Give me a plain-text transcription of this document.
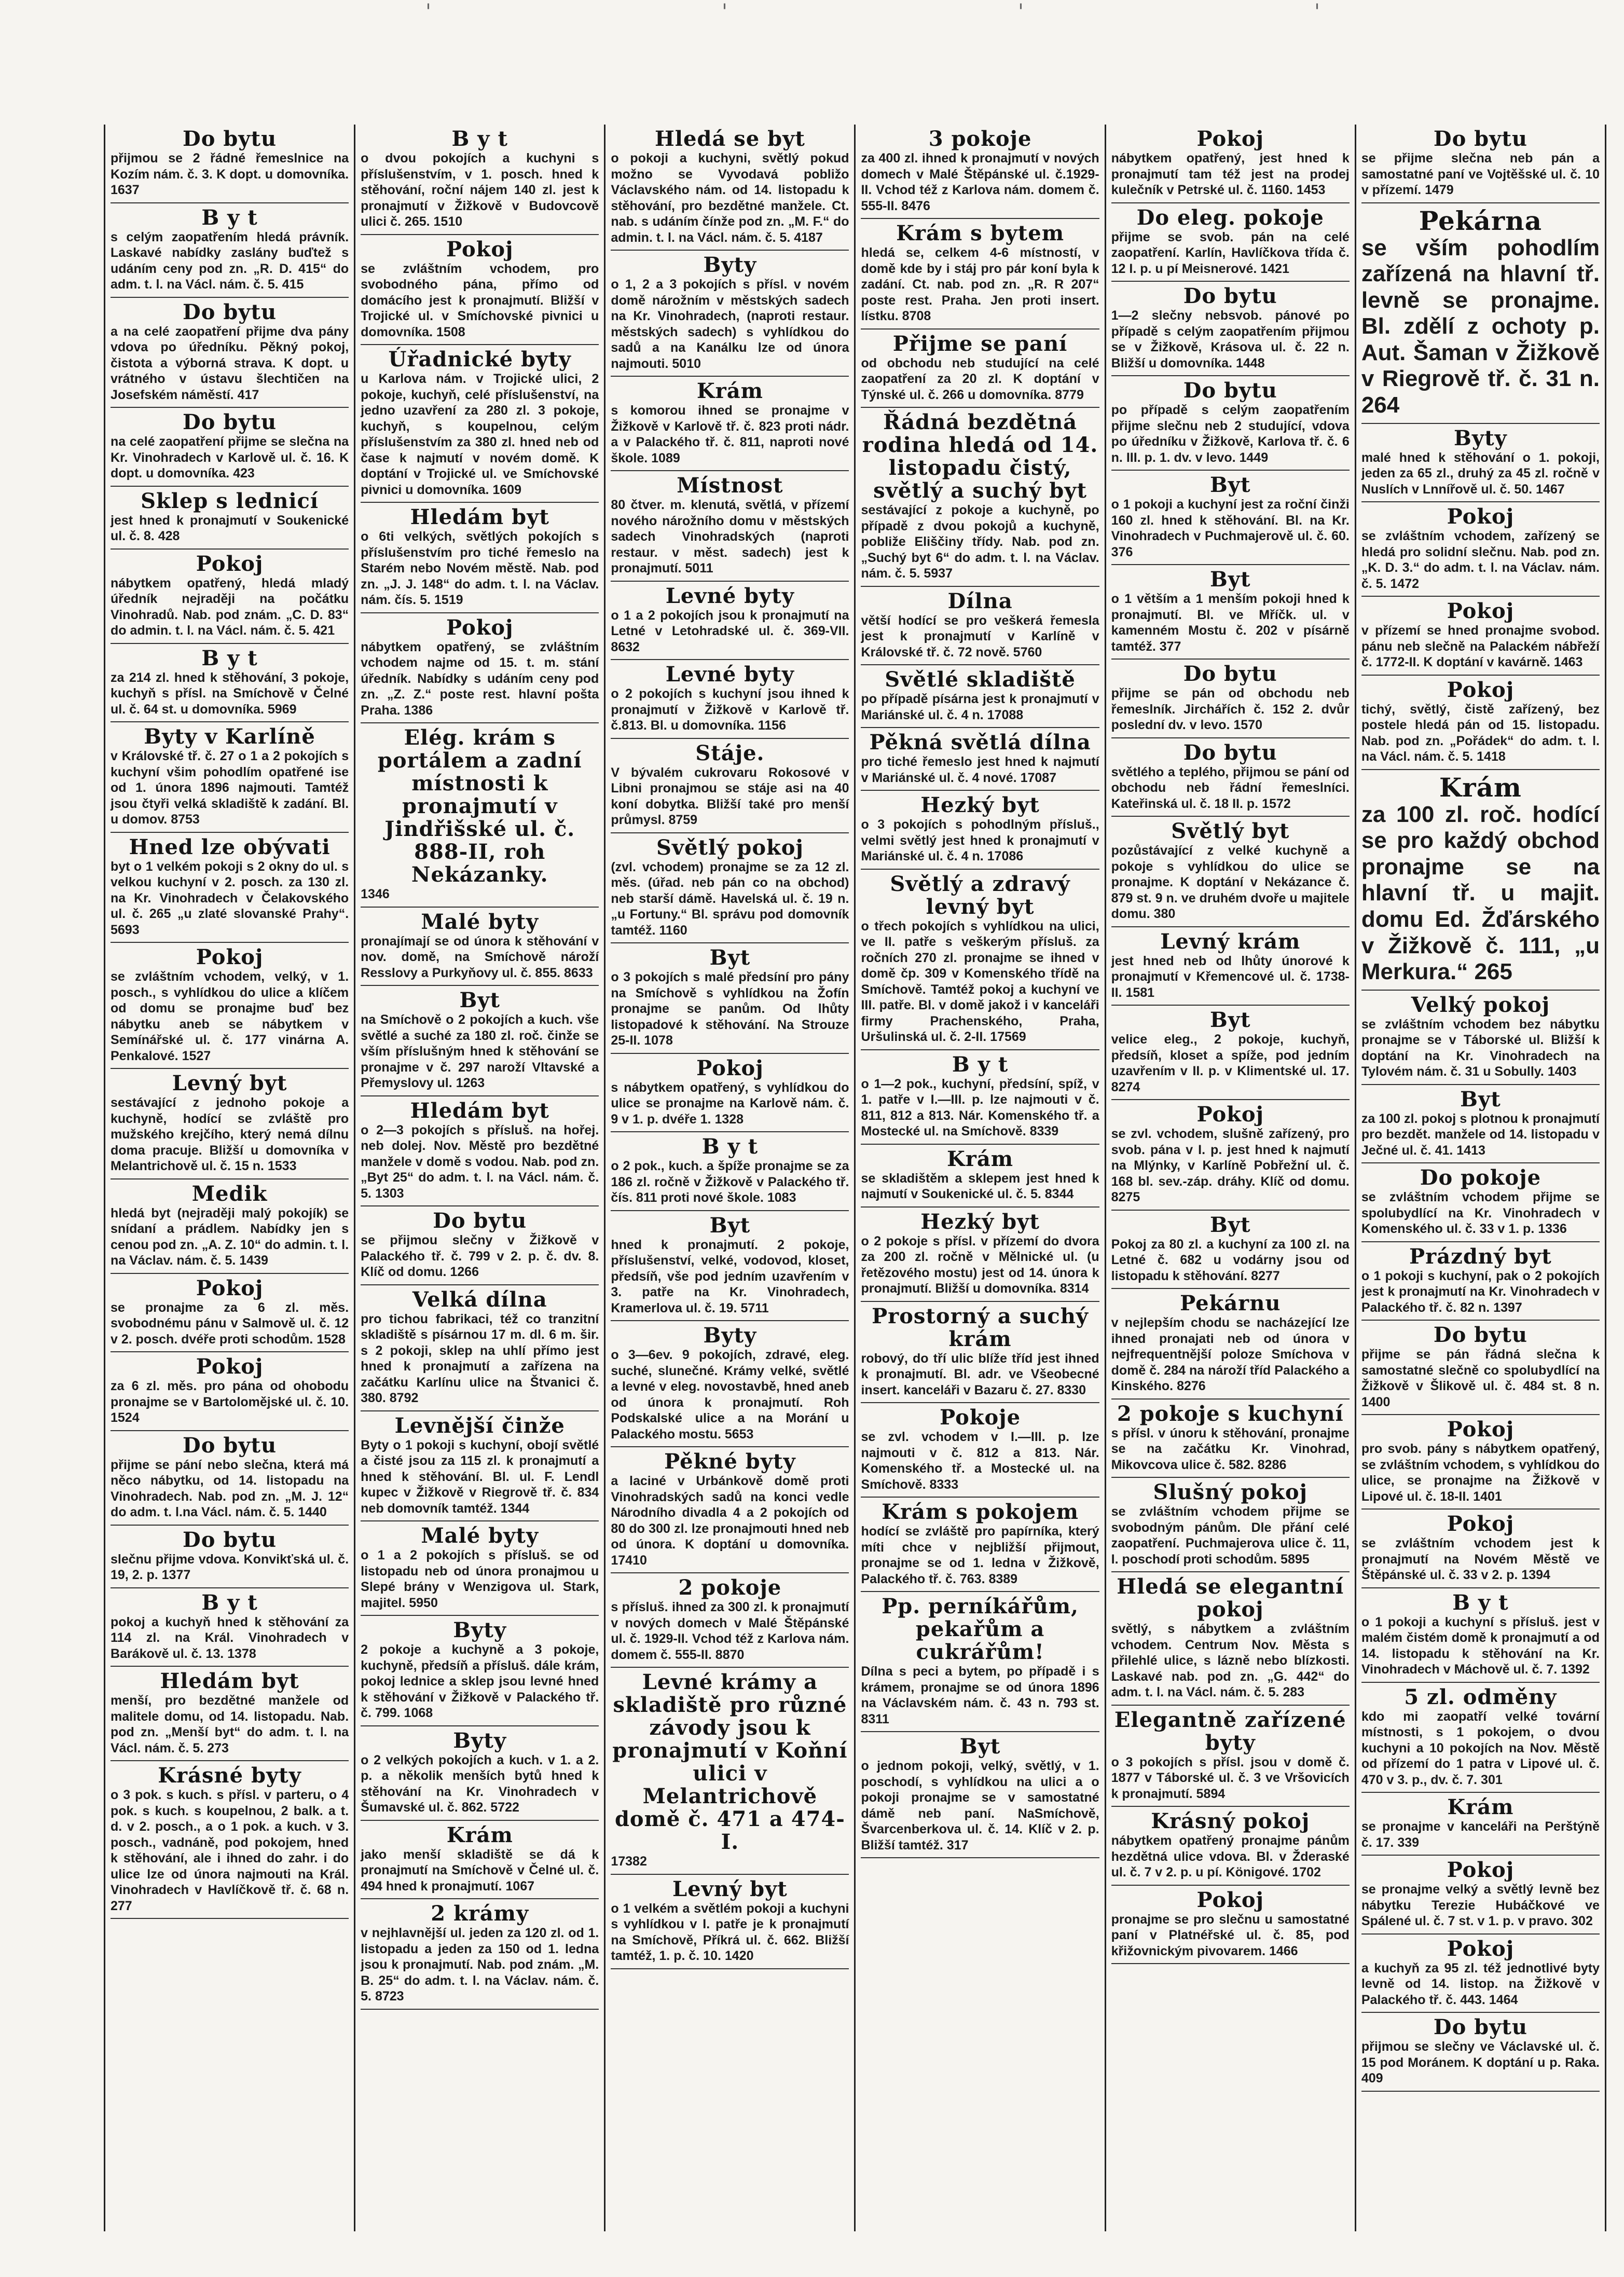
'	'	'	'
Do bytu
přijmou se 2 řádné řemeslnice na Kozím nám. č. 3. K dopt. u domovníka. 1637
B y t
s celým zaopatřením hledá právník. Laskavé nabídky zaslány buďtež s udáním ceny pod zn. „R. D. 415“ do adm. t. l. na Václ. nám. č. 5. 415
Do bytu
a na celé zaopatření přijme dva pány vdova po úředníku. Pěkný pokoj, čistota a výborná strava. K dopt. u vrátného v ústavu šlechtičen na Josefském náměstí. 417
Do bytu
na celé zaopatření přijme se slečna na Kr. Vinohradech v Karlově ul. č. 16. K dopt. u domovníka. 423
Sklep s lednicí
jest hned k pronajmutí v Soukenické ul. č. 8. 428
Pokoj
nábytkem opatřený, hledá mladý úředník nejraději na počátku Vinohradů. Nab. pod znám. „C. D. 83“ do admin. t. l. na Václ. nám. č. 5. 421
B y t
za 214 zl. hned k stěhování, 3 pokoje, kuchyň s přísl. na Smíchově v Čelné ul. č. 64 st. u domovníka. 5969
Byty v Karlíně
v Královské tř. č. 27 o 1 a 2 pokojích s kuchyní všim pohodlím opatřené ise od 1. února 1896 najmouti. Tamtéž jsou čtyři velká skladiště k zadání. Bl. u domov. 8753
Hned lze obývati
byt o 1 velkém pokoji s 2 okny do ul. s velkou kuchyní v 2. posch. za 130 zl. na Kr. Vinohradech v Čelakovského ul. č. 265 „u zlaté slovanské Prahy“. 5693
Pokoj
se zvláštním vchodem, velký, v 1. posch., s vyhlídkou do ulice a klíčem od domu se pronajme buď bez nábytku aneb se nábytkem v Semínářské ul. č. 177 vinárna A. Penkalové. 1527
Levný byt
sestávající z jednoho pokoje a kuchyně, hodící se zvláště pro mužského krejčího, který nemá dílnu doma pracuje. Bližší u domovníka v Melantrichově ul. č. 15 n. 1533
Medik
hledá byt (nejraději malý pokojík) se snídaní a prádlem. Nabídky jen s cenou pod zn. „A. Z. 10“ do admin. t. l. na Václav. nám. č. 5. 1439
Pokoj
se pronajme za 6 zl. měs. svobodnému pánu v Salmově ul. č. 12 v 2. posch. dvéře proti schodům. 1528
Pokoj
za 6 zl. měs. pro pána od ohobodu pronajme se v Bartolomějské ul. č. 10. 1524
Do bytu
přijme se pání nebo slečna, která má něco nábytku, od 14. listopadu na Vinohradech. Nab. pod zn. „M. J. 12“ do adm. t. l.na Václ. nám. č. 5. 1440
Do bytu
slečnu přijme vdova. Konvikťská ul. č. 19, 2. p. 1377
B y t
pokoj a kuchyň hned k stěhování za 114 zl. na Král. Vinohradech v Barákově ul. č. 13. 1378
Hledám byt
menší, pro bezdětné manžele od malitele domu, od 14. listopadu. Nab. pod zn. „Menší byt“ do adm. t. l. na Václ. nám. č. 5. 273
Krásné byty
o 3 pok. s kuch. s přísl. v parteru, o 4 pok. s kuch. s koupelnou, 2 balk. a t. d. v 2. posch., a o 1 pok. a kuch. v 3. posch., vadnáně, pod pokojem, hned k stěhování, ale i ihned do zahr. i do ulice lze od února najmouti na Král. Vinohradech v Havlíčkově tř. č. 68 n. 277
B y t
o dvou pokojích a kuchyni s příslušenstvím, v 1. posch. hned k stěhování, roční nájem 140 zl. jest k pronajmutí v Žižkově v Budovcově ulici č. 265. 1510
Pokoj
se zvláštním vchodem, pro svobodného pána, přímo od domácího jest k pronajmutí. Bližší v Trojické ul. v Smíchovské pivnici u domovníka. 1508
Úřadnické byty
u Karlova nám. v Trojické ulici, 2 pokoje, kuchyň, celé příslušenství, na jedno uzavření za 280 zl. 3 pokoje, kuchyň, s koupelnou, celým příslušenstvím za 380 zl. hned neb od čase k najmutí v novém domě. K doptání v Trojické ul. ve Smíchovské pivnici u domovníka. 1609
Hledám byt
o 6ti velkých, světlých pokojích s příslušenstvím pro tiché řemeslo na Starém nebo Novém městě. Nab. pod zn. „J. J. 148“ do adm. t. l. na Václav. nám. čís. 5. 1519
Pokoj
nábytkem opatřený, se zvláštním vchodem najme od 15. t. m. stání úředník. Nabídky s udáním ceny pod zn. „Z. Z.“ poste rest. hlavní pošta Praha. 1386
Elég. krám s portálem a zadní místnosti k pronajmutí v Jindřišské ul. č. 888-II, roh Nekázanky.
1346
Malé byty
pronajímají se od února k stěhování v nov. domě, na Smíchově nároží Resslovy a Purkyňovy ul. č. 855. 8633
Byt
na Smíchově o 2 pokojích a kuch. vše světlé a suché za 180 zl. roč. činže se vším příslušným hned k stěhování se pronajme v č. 297 naroží Vltavské a Přemyslovy ul. 1263
Hledám byt
o 2—3 pokojích s přísluš. na hořej. neb dolej. Nov. Městě pro bezdětné manžele v domě s vodou. Nab. pod zn. „Byt 25“ do adm. t. l. na Václ. nám. č. 5. 1303
Do bytu
se přijmou slečny v Žižkově v Palackého tř. č. 799 v 2. p. č. dv. 8. Klíč od domu. 1266
Velká dílna
pro tichou fabrikaci, též co tranzitní skladiště s písárnou 17 m. dl. 6 m. šir. s 2 pokoji, sklep na uhlí přímo jest hned k pronajmutí a zařízena na začátku Karlínu ulice na Štvanici č. 380. 8792
Levnější činže
Byty o 1 pokoji s kuchyní, obojí světlé a čisté jsou za 115 zl. k pronajmutí a hned k stěhování. Bl. ul. F. Lendl kupec v Žižkově v Riegrově tř. č. 834 neb domovník tamtéž. 1344
Malé byty
o 1 a 2 pokojích s přísluš. se od listopadu neb od února pronajmou u Slepé brány v Wenzigova ul. Stark, majitel. 5950
Byty
2 pokoje a kuchyně a 3 pokoje, kuchyně, předsíň a přísluš. dále krám, pokoj lednice a sklep jsou levné hned k stěhování v Žižkově v Palackého tř. č. 799. 1068
Byty
o 2 velkých pokojích a kuch. v 1. a 2. p. a několik menších bytů hned k stěhování na Kr. Vinohradech v Šumavské ul. č. 862. 5722
Krám
jako menší skladiště se dá k pronajmutí na Smíchově v Čelné ul. č. 494 hned k pronajmutí. 1067
2 krámy
v nejhlavnější ul. jeden za 120 zl. od 1. listopadu a jeden za 150 od 1. ledna jsou k pronajmutí. Nab. pod znám. „M. B. 25“ do adm. t. l. na Václav. nám. č. 5. 8723
Hledá se byt
o pokoji a kuchyni, světlý pokud možno se Vyvodavá pobližo Václavského nám. od 14. listopadu k stěhování, pro bezdětné manžele. Ct. nab. s udáním čínže pod zn. „M. F.“ do admin. t. l. na Václ. nám. č. 5. 4187
Byty
o 1, 2 a 3 pokojích s přísl. v novém domě nárožním v městských sadech na Kr. Vinohradech, (naproti restaur. městských sadech) s vyhlídkou do sadů a na Kanálku lze od února najmouti. 5010
Krám
s komorou ihned se pronajme v Žižkově v Karlově tř. č. 823 proti nádr. a v Palackého tř. č. 811, naproti nové škole. 1089
Místnost
80 čtver. m. klenutá, světlá, v přízemí nového nárožního domu v městských sadech Vinohradských (naproti restaur. v měst. sadech) jest k pronajmutí. 5011
Levné byty
o 1 a 2 pokojích jsou k pronajmutí na Letné v Letohradské ul. č. 369-VII. 8632
Levné byty
o 2 pokojích s kuchyní jsou ihned k pronajmutí v Žižkově v Karlově tř. č.813. Bl. u domovníka. 1156
Stáje.
V bývalém cukrovaru Rokosové v Libni pronajmou se stáje asi na 40 koní dobytka. Bližší také pro menší průmysl. 8759
Světlý pokoj
(zvl. vchodem) pronajme se za 12 zl. měs. (úřad. neb pán co na obchod) neb starší dámě. Havelská ul. č. 19 n. „u Fortuny.“ Bl. správu pod domovník tamtéž. 1160
Byt
o 3 pokojích s malé předsíní pro pány na Smíchově s vyhlídkou na Žofín pronajme se panům. Od lhůty listopadové k stěhování. Na Strouze 25-II. 1078
Pokoj
s nábytkem opatřený, s vyhlídkou do ulice se pronajme na Karlově nám. č. 9 v 1. p. dvéře 1. 1328
B y t
o 2 pok., kuch. a špíže pronajme se za 186 zl. ročně v Žižkově v Palackého tř. čís. 811 proti nové škole. 1083
Byt
hned k pronajmutí. 2 pokoje, příslušenství, velké, vodovod, kloset, předsíň, vše pod jedním uzavřením v 3. patře na Kr. Vinohradech, Kramerlova ul. č. 19. 5711
Byty
o 3—6ev. 9 pokojích, zdravé, eleg. suché, slunečné. Krámy velké, světlé a levné v eleg. novostavbě, hned aneb od února k pronajmutí. Roh Podskalské ulice a na Morání u Palackého mostu. 5653
Pěkné byty
a laciné v Urbánkově domě proti Vinohradských sadů na konci vedle Národního divadla 4 a 2 pokojích od 80 do 300 zl. lze pronajmouti hned neb od února. K doptání u domovníka. 17410
2 pokoje
s přísluš. ihned za 300 zl. k pronajmutí v nových domech v Malé Štěpánské ul. č. 1929-II. Vchod též z Karlova nám. domem č. 555-II. 8870
Levné krámy a skladiště pro různé závody jsou k pronajmutí v Koňní ulici v Melantrichově domě č. 471 a 474-I.
17382
Levný byt
o 1 velkém a světlém pokoji a kuchyni s vyhlídkou v I. patře je k pronajmutí na Smíchově, Příkrá ul. č. 662. Bližší tamtéž, 1. p. č. 10. 1420
3 pokoje
za 400 zl. ihned k pronajmutí v nových domech v Malé Štěpánské ul. č.1929-II. Vchod též z Karlova nám. domem č. 555-II. 8476
Krám s bytem
hledá se, celkem 4-6 místností, v domě kde by i stáj pro pár koní byla k zadání. Ct. nab. pod zn. „R. R 207“ poste rest. Praha. Jen proti insert. lístku. 8708
Přijme se paní
od obchodu neb studující na celé zaopatření za 20 zl. K doptání v Týnské ul. č. 266 u domovníka. 8779
Řádná bezdětná rodina hledá od 14. listopadu čistý, světlý a suchý byt
sestávající z pokoje a kuchyně, po případě z dvou pokojů a kuchyně, pobliže Eliščiny třídy. Nab. pod zn. „Suchý byt 6“ do adm. t. l. na Václav. nám. č. 5. 5937
Dílna
větší hodící se pro veškerá řemesla jest k pronajmutí v Karlíně v Královské tř. č. 72 nově. 5760
Světlé skladiště
po případě písárna jest k pronajmutí v Mariánské ul. č. 4 n. 17088
Pěkná světlá dílna
pro tiché řemeslo jest hned k najmutí v Mariánské ul. č. 4 nové. 17087
Hezký byt
o 3 pokojích s pohodlným přísluš., velmi světlý jest hned k pronajmutí v Mariánské ul. č. 4 n. 17086
Světlý a zdravý levný byt
o třech pokojích s vyhlídkou na ulici, ve II. patře s veškerým přísluš. za ročních 270 zl. pronajme se ihned v domě čp. 309 v Komenského třídě na Smíchově. Tamtéž pokoj a kuchyní ve III. patře. Bl. v domě jakož i v kanceláři firmy Prachenského, Praha, Uršulinská ul. č. 2-II. 17569
B y t
o 1—2 pok., kuchyní, předsíní, spíž, v 1. patře v I.—III. p. lze najmouti v č. 811, 812 a 813. Nár. Komenského tř. a Mostecké ul. na Smíchově. 8339
Krám
se skladištěm a sklepem jest hned k najmutí v Soukenické ul. č. 5. 8344
Hezký byt
o 2 pokoje s přísl. v přízemí do dvora za 200 zl. ročně v Mělnické ul. (u řetězového mostu) jest od 14. února k pronajmutí. Bližší u domovníka. 8314
Prostorný a suchý krám
robový, do tří ulic blíže tříd jest ihned k pronajmutí. Bl. adr. ve Všeobecné insert. kanceláři v Bazaru č. 27. 8330
Pokoje
se zvl. vchodem v I.—III. p. lze najmouti v č. 812 a 813. Nár. Komenského tř. a Mostecké ul. na Smíchově. 8333
Krám s pokojem
hodící se zvláště pro papírníka, který míti chce v nejbližší přijmout, pronajme se od 1. ledna v Žižkově, Palackého tř. č. 763. 8389
Pp. perníkářům, pekařům a cukrářům!
Dílna s peci a bytem, po případě i s krámem, pronajme se od února 1896 na Václavském nám. č. 43 n. 793 st. 8311
Byt
o jednom pokoji, velký, světlý, v 1. poschodí, s vyhlídkou na ulici a o pokoji pronajme se v samostatné dámě neb paní. NaSmíchově, Švarcenberkova ul. č. 14. Klíč v 2. p. Bližší tamtéž. 317
Pokoj
nábytkem opatřený, jest hned k pronajmutí tam též jest na prodej kulečník v Petrské ul. č. 1160. 1453
Do eleg. pokoje
přijme se svob. pán na celé zaopatření. Karlín, Havlíčkova třída č. 12 I. p. u pí Meisnerové. 1421
Do bytu
1—2 slečny nebsvob. pánové po případě s celým zaopatřením přijmou se v Žižkově, Krásova ul. č. 22 n. Bližší u domovníka. 1448
Do bytu
po případě s celým zaopatřením přijme slečnu neb 2 studující, vdova po úředníku v Žižkově, Karlova tř. č. 6 n. III. p. 1. dv. v levo. 1449
Byt
o 1 pokoji a kuchyní jest za roční činži 160 zl. hned k stěhování. Bl. na Kr. Vinohradech v Puchmajerově ul. č. 60. 376
Byt
o 1 větším a 1 menším pokoji hned k pronajmutí. Bl. ve Mříčk. ul. v kamenném Mostu č. 202 v písárně tamtéž. 377
Do bytu
přijme se pán od obchodu neb řemeslník. Jirchářích č. 152 2. dvůr poslední dv. v levo. 1570
Do bytu
světlého a teplého, přijmou se pání od obchodu neb řádní řemeslníci. Kateřinská ul. č. 18 II. p. 1572
Světlý byt
pozůstávající z velké kuchyně a pokoje s vyhlídkou do ulice se pronajme. K doptání v Nekázance č. 879 st. 9 n. ve druhém dvoře u majitele domu. 380
Levný krám
jest hned neb od lhůty únorové k pronajmutí v Křemencové ul. č. 1738-II. 1581
Byt
velice eleg., 2 pokoje, kuchyň, předsíň, kloset a spíže, pod jedním uzavřením v II. p. v Klimentské ul. 17. 8274
Pokoj
se zvl. vchodem, slušně zařízený, pro svob. pána v I. p. jest hned k najmutí na Mlýnky, v Karlíně Pobřežní ul. č. 168 bl. sev.-záp. dráhy. Klíč od domu. 8275
Byt
Pokoj za 80 zl. a kuchyní za 100 zl. na Letné č. 682 u vodárny jsou od listopadu k stěhování. 8277
Pekárnu
v nejlepším chodu se nacházející lze ihned pronajati neb od února v nejfrequentnější poloze Smíchova v domě č. 284 na nároží tříd Palackého a Kinského. 8276
2 pokoje s kuchyní
s přísl. v únoru k stěhování, pronajme se na začátku Kr. Vinohrad, Mikovcova ulice č. 582. 8286
Slušný pokoj
se zvláštním vchodem přijme se svobodným pánům. Dle přání celé zaopatření. Puchmajerova ulice č. 11, I. poschodí proti schodům. 5895
Hledá se elegantní pokoj
světlý, s nábytkem a zvláštním vchodem. Centrum Nov. Města s přilehlé ulice, s lázně nebo blízkosti. Laskavé nab. pod zn. „G. 442“ do adm. t. l. na Václ. nám. č. 5. 283
Elegantně zařízené byty
o 3 pokojích s přísl. jsou v domě č. 1877 v Táborské ul. č. 3 ve Vršovicích k pronajmutí. 5894
Krásný pokoj
nábytkem opatřený pronajme pánům hezdětná ulice vdova. Bl. v Žderaské ul. č. 7 v 2. p. u pí. Königové. 1702
Pokoj
pronajme se pro slečnu u samostatné paní v Platnéřské ul. č. 85, pod křižovnickým pivovarem. 1466
Do bytu
se přijme slečna neb pán a samostatné paní ve Vojtěšské ul. č. 10 v přízemí. 1479
Pekárna
se vším pohodlím zařízená na hlavní tř. levně se pronajme. Bl. zdělí z ochoty p. Aut. Šaman v Žižkově v Riegrově tř. č. 31 n. 264
Byty
malé hned k stěhování o 1. pokoji, jeden za 65 zl., druhý za 45 zl. ročně v Nuslích v Lnnířově ul. č. 50. 1467
Pokoj
se zvláštním vchodem, zařízený se hledá pro solidní slečnu. Nab. pod zn. „K. D. 3.“ do adm. t. l. na Václav. nám. č. 5. 1472
Pokoj
v přízemí se hned pronajme svobod. pánu neb slečně na Palackém nábřeží č. 1772-II. K doptání v kavárně. 1463
Pokoj
tichý, světlý, čistě zařízený, bez postele hledá pán od 15. listopadu. Nab. pod zn. „Pořádek“ do adm. t. l. na Václ. nám. č. 5. 1418
Krám
za 100 zl. roč. hodící se pro každý obchod pronajme se na hlavní tř. u majit. domu Ed. Žďárského v Žižkově č. 111, „u Merkura.“ 265
Velký pokoj
se zvláštním vchodem bez nábytku pronajme se v Táborské ul. Bližší k doptání na Kr. Vinohradech na Tylovém nám. č. 31 u Sobully. 1403
Byt
za 100 zl. pokoj s plotnou k pronajmutí pro bezdět. manžele od 14. listopadu v Ječné ul. č. 41. 1413
Do pokoje
se zvláštním vchodem přijme se spolubydlící na Kr. Vinohradech v Komenského ul. č. 33 v 1. p. 1336
Prázdný byt
o 1 pokoji s kuchyní, pak o 2 pokojích jest k pronajmutí na Kr. Vinohradech v Palackého tř. č. 82 n. 1397
Do bytu
přijme se pán řádná slečna k samostatné slečně co spolubydlící na Žižkově v Šlikově ul. č. 484 st. 8 n. 1400
Pokoj
pro svob. pány s nábytkem opatřený, se zvláštním vchodem, s vyhlídkou do ulice, se pronajme na Žižkově v Lipové ul. č. 18-II. 1401
Pokoj
se zvláštním vchodem jest k pronajmutí na Novém Městě ve Štěpánské ul. č. 33 v 2. p. 1394
B y t
o 1 pokoji a kuchyní s přísluš. jest v malém čistém domě k pronajmutí a od 14. listopadu k stěhování na Kr. Vinohradech v Máchově ul. č. 7. 1392
5 zl. odměny
kdo mi zaopatří velké tovární místnosti, s 1 pokojem, o dvou kuchyni a 10 pokojích na Nov. Městě od přízemí do 1 patra v Lipové ul. č. 470 v 3. p., dv. č. 7. 301
Krám
se pronajme v kanceláři na Perštýně č. 17. 339
Pokoj
se pronajme velký a světlý levně bez nábytku Terezie Hubáčkové ve Spálené ul. č. 7 st. v 1. p. v pravo. 302
Pokoj
a kuchyň za 95 zl. též jednotlivé byty levně od 14. listop. na Žižkově v Palackého tř. č. 443. 1464
Do bytu
přijmou se slečny ve Václavské ul. č. 15 pod Moránem. K doptání u p. Raka. 409
